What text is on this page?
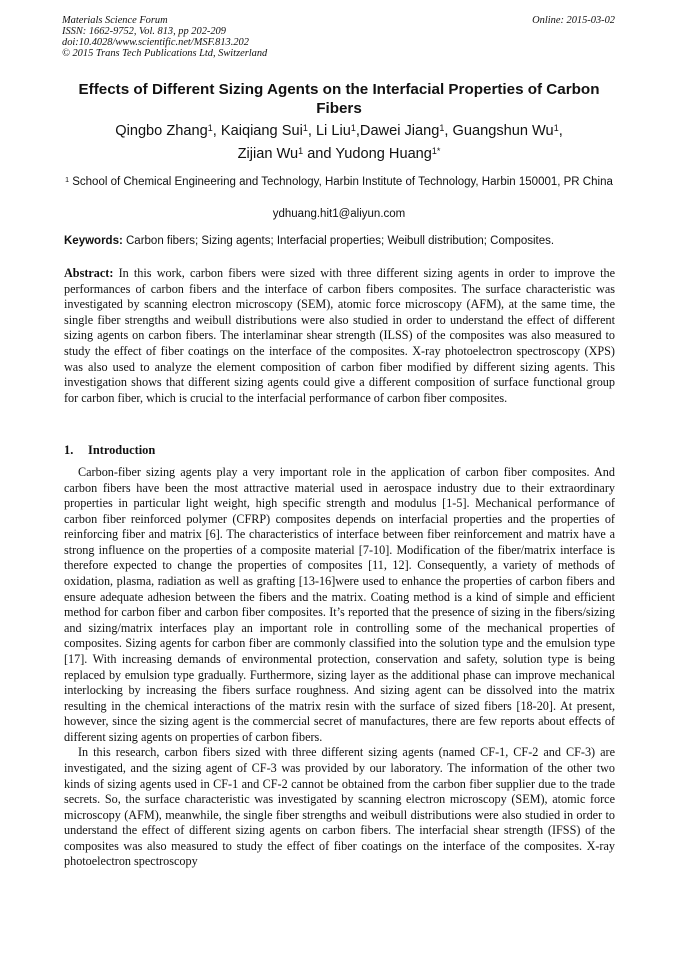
Materials Science Forum
ISSN: 1662-9752, Vol. 813, pp 202-209
doi:10.4028/www.scientific.net/MSF.813.202
© 2015 Trans Tech Publications Ltd, Switzerland
Online: 2015-03-02
Effects of Different Sizing Agents on the Interfacial Properties of Carbon Fibers
Qingbo Zhang$^1$, Kaiqiang Sui$^1$, Li Liu$^1$,Dawei Jiang$^1$, Guangshun Wu$^1$,
Zijian Wu$^1$ and Yudong Huang$^{1*}$
$^1$ School of Chemical Engineering and Technology, Harbin Institute of Technology, Harbin 150001, PR China
ydhuang.hit1@aliyun.com
Keywords: Carbon fibers; Sizing agents; Interfacial properties; Weibull distribution; Composites.
Abstract: In this work, carbon fibers were sized with three different sizing agents in order to improve the performances of carbon fibers and the interface of carbon fibers composites. The surface characteristic was investigated by scanning electron microscopy (SEM), atomic force microscopy (AFM), at the same time, the single fiber strengths and weibull distributions were also studied in order to understand the effect of different sizing agents on carbon fibers. The interlaminar shear strength (ILSS) of the composites was also measured to study the effect of fiber coatings on the interface of the composites. X-ray photoelectron spectroscopy (XPS) was also used to analyze the element composition of carbon fiber modified by different sizing agents. This investigation shows that different sizing agents could give a different composition of surface functional group for carbon fiber, which is crucial to the interfacial performance of carbon fiber composites.
1. Introduction

Carbon-fiber sizing agents play a very important role in the application of carbon fiber composites. And carbon fibers have been the most attractive material used in aerospace industry due to their extraordinary properties in particular light weight, high specific strength and modulus [1-5]. Mechanical performance of carbon fiber reinforced polymer (CFRP) composites depends on interfacial properties and the properties of reinforcing fiber and matrix [6]. The characteristics of interface between fiber reinforcement and matrix have a strong influence on the properties of a composite material [7-10]. Modification of the fiber/matrix interface is therefore expected to change the properties of composites [11, 12]. Consequently, a variety of methods of oxidation, plasma, radiation as well as grafting [13-16]were used to enhance the properties of carbon fibers and ensure adequate adhesion between the fibers and the matrix. Coating method is a kind of simple and efficient method for carbon fiber and carbon fiber composites. It’s reported that the presence of sizing in the fibers/sizing and sizing/matrix interfaces play an important role in controlling some of the mechanical properties of composites. Sizing agents for carbon fiber are commonly classified into the solution type and the emulsion type [17]. With increasing demands of environmental protection, conservation and safety, solution type is being replaced by emulsion type gradually. Furthermore, sizing layer as the additional phase can improve mechanical interlocking by increasing the fibers surface roughness. And sizing agent can be dissolved into the matrix resulting in the chemical interactions of the matrix resin with the surface of sized fibers [18-20]. At present, however, since the sizing agent is the commercial secret of manufactures, there are few reports about effects of different sizing agents on properties of carbon fibers.

In this research, carbon fibers sized with three different sizing agents (named CF-1, CF-2 and CF-3) are investigated, and the sizing agent of CF-3 was provided by our laboratory. The information of the other two kinds of sizing agents used in CF-1 and CF-2 cannot be obtained from the carbon fiber supplier due to the trade secrets. So, the surface characteristic was investigated by scanning electron microscopy (SEM), atomic force microscopy (AFM), meanwhile, the single fiber strengths and weibull distributions were also studied in order to understand the effect of different sizing agents on carbon fibers. The interfacial shear strength (IFSS) of the composites was also measured to study the effect of fiber coatings on the interface of the composites. X-ray photoelectron spectroscopy
